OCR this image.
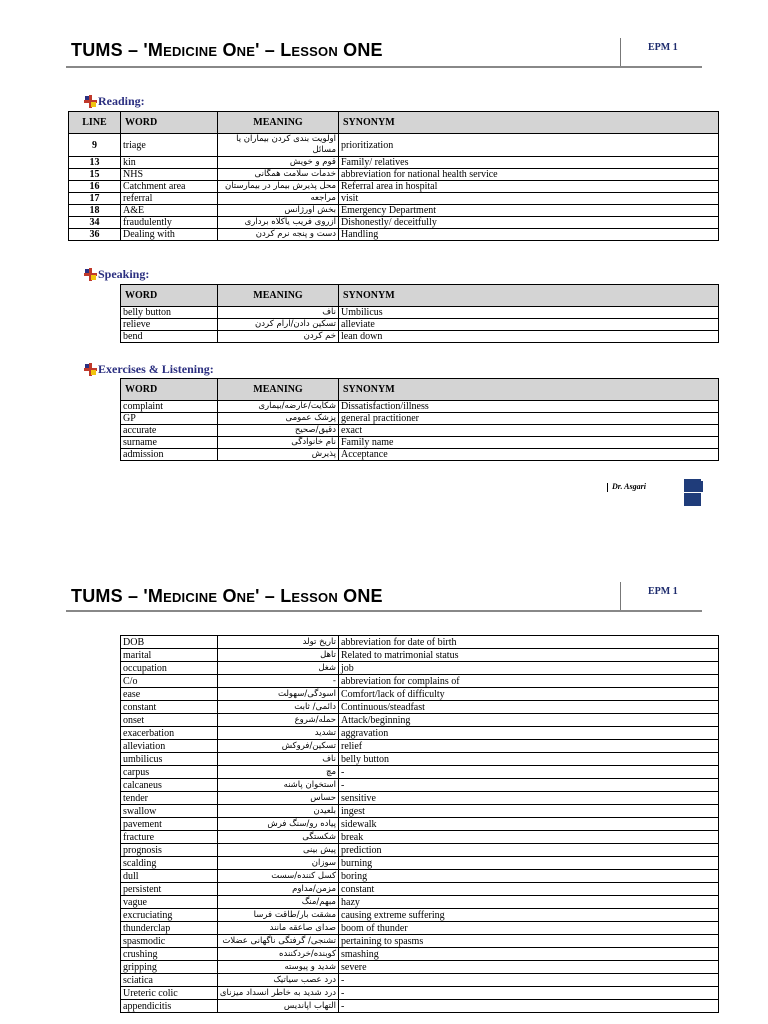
TUMS – 'MEDICINE ONE' – LESSON ONE	EPM 1
Reading:
LINE	WORD	MEANING	SYNONYM
9	triage	اولویت بندی کردن بیماران یا مسائل	prioritization
13	kin	قوم و خویش	Family/ relatives
15	NHS	خدمات سلامت همگانی	abbreviation for national health service
16	Catchment area	محل پذیرش بیمار در بیمارستان	Referral area in hospital
17	referral	مراجعه	visit
18	A&E	بخش اورژانس	Emergency Department
34	fraudulently	ازروی فریب یاکلاه برداری	Dishonestly/ deceitfully
36	Dealing with	دست و پنجه نرم کردن	Handling
Speaking:
WORD	MEANING	SYNONYM
belly button	ناف	Umbilicus
relieve	تسکین دادن/ارام کردن	alleviate
bend	خم کردن	lean down
Exercises & Listening:
WORD	MEANING	SYNONYM
complaint	شکایت/عارضه/بیماری	Dissatisfaction/illness
GP	پزشک عمومی	general practitioner
accurate	دقیق/صحیح	exact
surname	نام خانوادگی	Family name
admission	پذیرش	Acceptance
Dr. Asgari
TUMS – 'MEDICINE ONE' – LESSON ONE	EPM 1
DOB	تاریخ تولد	abbreviation for date of birth
marital	تاهل	Related to matrimonial status
occupation	شغل	job
C/o	-	abbreviation for complains of
ease	اسودگی/سهولت	Comfort/lack of difficulty
constant	دائمی/ ثابت	Continuous/steadfast
onset	حمله/شروع	Attack/beginning
exacerbation	تشدید	aggravation
alleviation	تسکین/فروکش	relief
umbilicus	ناف	belly button
carpus	مچ	-
calcaneus	استخوان پاشنه	-
tender	حساس	sensitive
swallow	بلعیدن	ingest
pavement	پیاده رو/سنگ فرش	sidewalk
fracture	شکستگی	break
prognosis	پیش بینی	prediction
scalding	سوزان	burning
dull	کسل کننده/سست	boring
persistent	مزمن/مداوم	constant
vague	مبهم/منگ	hazy
excruciating	مشقت بار/طاقت فرسا	causing extreme suffering
thunderclap	صدای صاعقه مانند	boom of thunder
spasmodic	تشنجی/ گرفتگی ناگهانی عضلات	pertaining to spasms
crushing	کوبنده/خردکننده	smashing
gripping	شدید و پیوسته	severe
sciatica	درد عصب سیاتیک	-
Ureteric colic	درد شدید به خاطر انسداد میزنای	-
appendicitis	التهاب اپاندیس	-
